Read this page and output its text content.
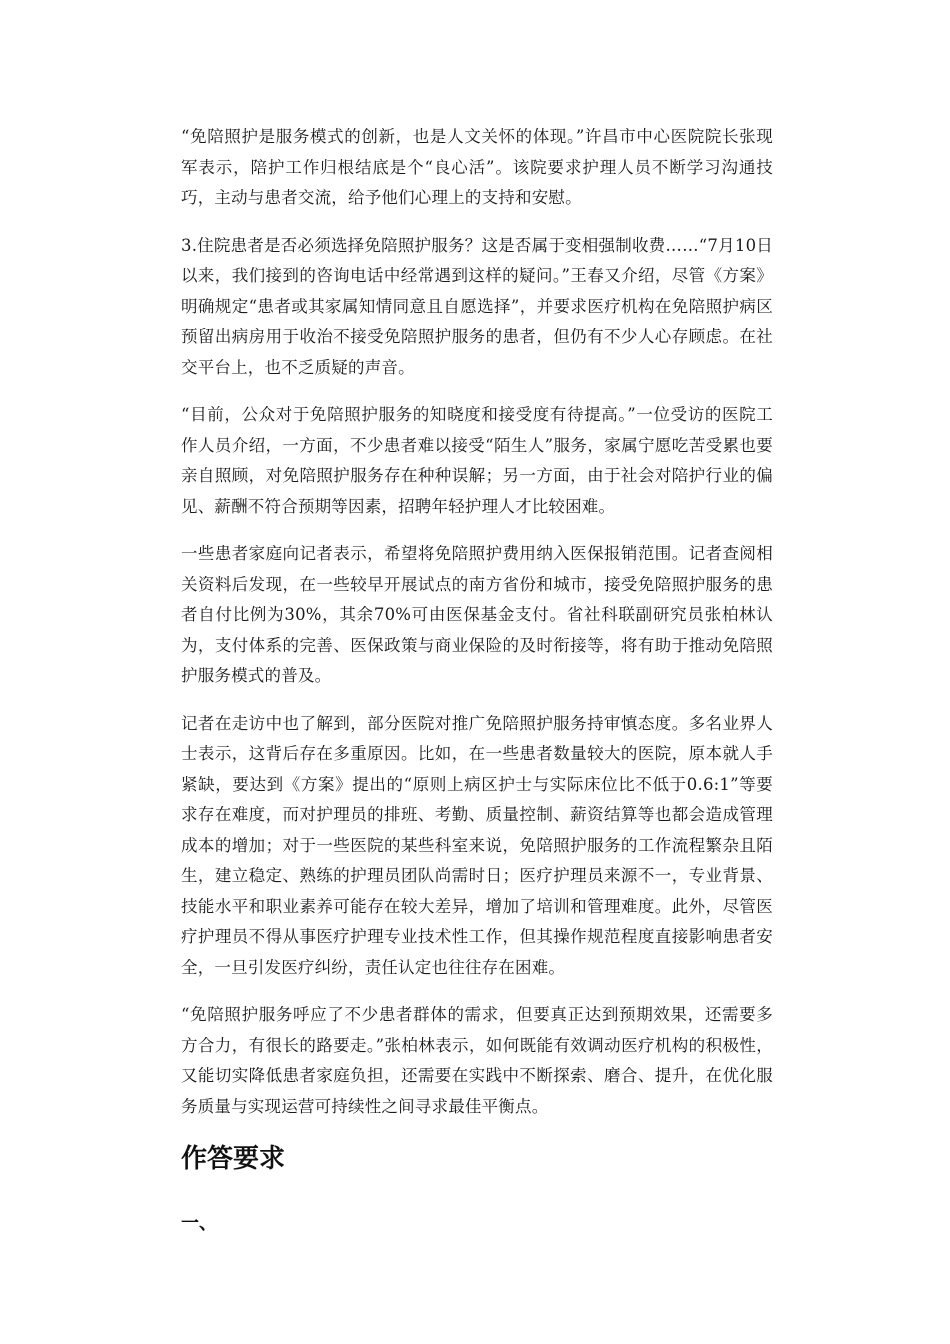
“免陪照护是服务模式的创新，也是人文关怀的体现。”许昌市中心医院院长张现军表示，陪护工作归根结底是个“良心活”。该院要求护理人员不断学习沟通技巧，主动与患者交流，给予他们心理上的支持和安慰。

3.住院患者是否必须选择免陪照护服务？这是否属于变相强制收费……“7月10日以来，我们接到的咨询电话中经常遇到这样的疑问。”王春又介绍，尽管《方案》明确规定“患者或其家属知情同意且自愿选择”，并要求医疗机构在免陪照护病区预留出病房用于收治不接受免陪照护服务的患者，但仍有不少人心存顾虑。在社交平台上，也不乏质疑的声音。

“目前，公众对于免陪照护服务的知晓度和接受度有待提高。”一位受访的医院工作人员介绍，一方面，不少患者难以接受“陌生人”服务，家属宁愿吃苦受累也要亲自照顾，对免陪照护服务存在种种误解；另一方面，由于社会对陪护行业的偏见、薪酬不符合预期等因素，招聘年轻护理人才比较困难。

一些患者家庭向记者表示，希望将免陪照护费用纳入医保报销范围。记者查阅相关资料后发现，在一些较早开展试点的南方省份和城市，接受免陪照护服务的患者自付比例为30%，其余70%可由医保基金支付。省社科联副研究员张柏林认为，支付体系的完善、医保政策与商业保险的及时衔接等，将有助于推动免陪照护服务模式的普及。

记者在走访中也了解到，部分医院对推广免陪照护服务持审慎态度。多名业界人士表示，这背后存在多重原因。比如，在一些患者数量较大的医院，原本就人手紧缺，要达到《方案》提出的“原则上病区护士与实际床位比不低于0.6:1”等要求存在难度，而对护理员的排班、考勤、质量控制、薪资结算等也都会造成管理成本的增加；对于一些医院的某些科室来说，免陪照护服务的工作流程繁杂且陌生，建立稳定、熟练的护理员团队尚需时日；医疗护理员来源不一，专业背景、技能水平和职业素养可能存在较大差异，增加了培训和管理难度。此外，尽管医疗护理员不得从事医疗护理专业技术性工作，但其操作规范程度直接影响患者安全，一旦引发医疗纠纷，责任认定也往往存在困难。

“免陪照护服务呼应了不少患者群体的需求，但要真正达到预期效果，还需要多方合力，有很长的路要走。”张柏林表示，如何既能有效调动医疗机构的积极性，又能切实降低患者家庭负担，还需要在实践中不断探索、磨合、提升，在优化服务质量与实现运营可持续性之间寻求最佳平衡点。

作答要求
一、
